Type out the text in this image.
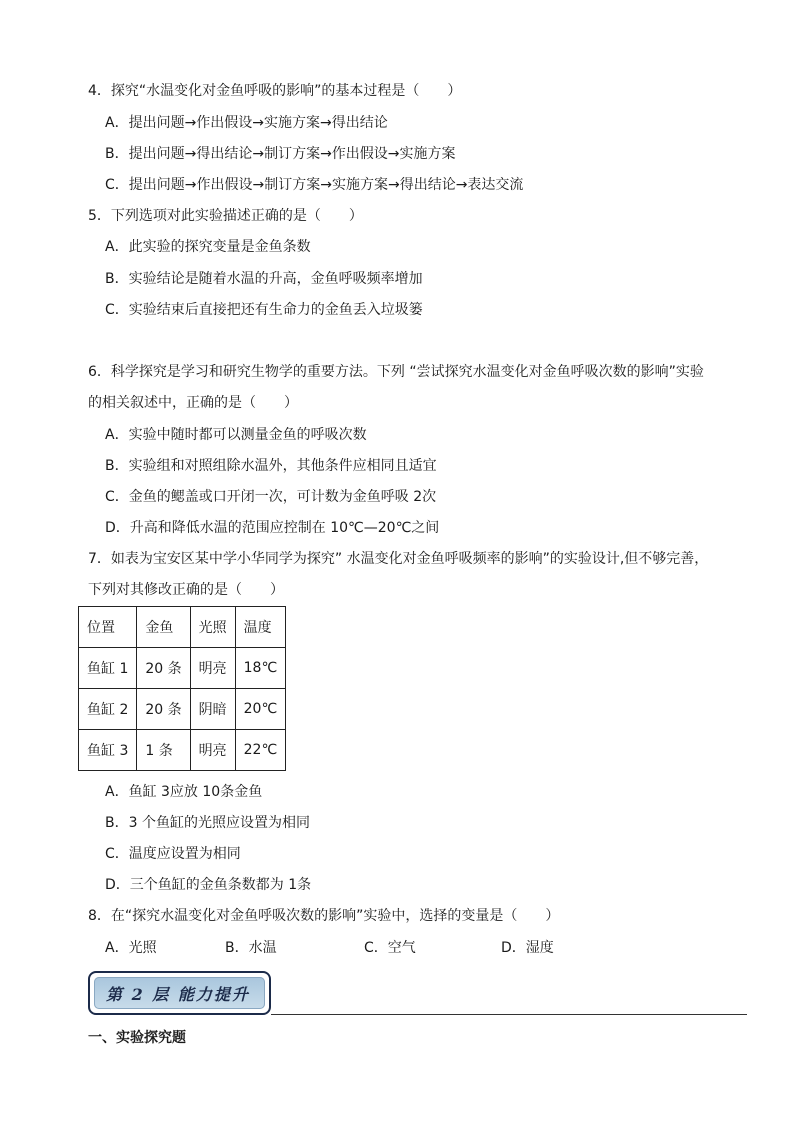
4．探究“水温变化对金鱼呼吸的影响”的基本过程是（　　）
A．提出问题→作出假设→实施方案→得出结论
B．提出问题→得出结论→制订方案→作出假设→实施方案
C．提出问题→作出假设→制订方案→实施方案→得出结论→表达交流
5．下列选项对此实验描述正确的是（　　）
A．此实验的探究变量是金鱼条数
B．实验结论是随着水温的升高，金鱼呼吸频率增加
C．实验结束后直接把还有生命力的金鱼丢入垃圾篓
6．科学探究是学习和研究生物学的重要方法。下列 “尝试探究水温变化对金鱼呼吸次数的影响”实验
的相关叙述中，正确的是（　　）
A．实验中随时都可以测量金鱼的呼吸次数
B．实验组和对照组除水温外，其他条件应相同且适宜
C．金鱼的鳃盖或口开闭一次，可计数为金鱼呼吸 2次
D．升高和降低水温的范围应控制在 10℃—20℃之间
7．如表为宝安区某中学小华同学为探究” 水温变化对金鱼呼吸频率的影响”的实验设计,但不够完善，
下列对其修改正确的是（　　）
位置	金鱼	光照	温度
鱼缸 1	20 条	明亮	18℃
鱼缸 2	20 条	阴暗	20℃
鱼缸 3	1 条	明亮	22℃
A．鱼缸 3应放 10条金鱼
B．3 个鱼缸的光照应设置为相同
C．温度应设置为相同
D．三个鱼缸的金鱼条数都为 1条
8．在“探究水温变化对金鱼呼吸次数的影响”实验中，选择的变量是（　　）
A．光照	B．水温	C．空气	D．湿度
第 2 层 能力提升
一、实验探究题
